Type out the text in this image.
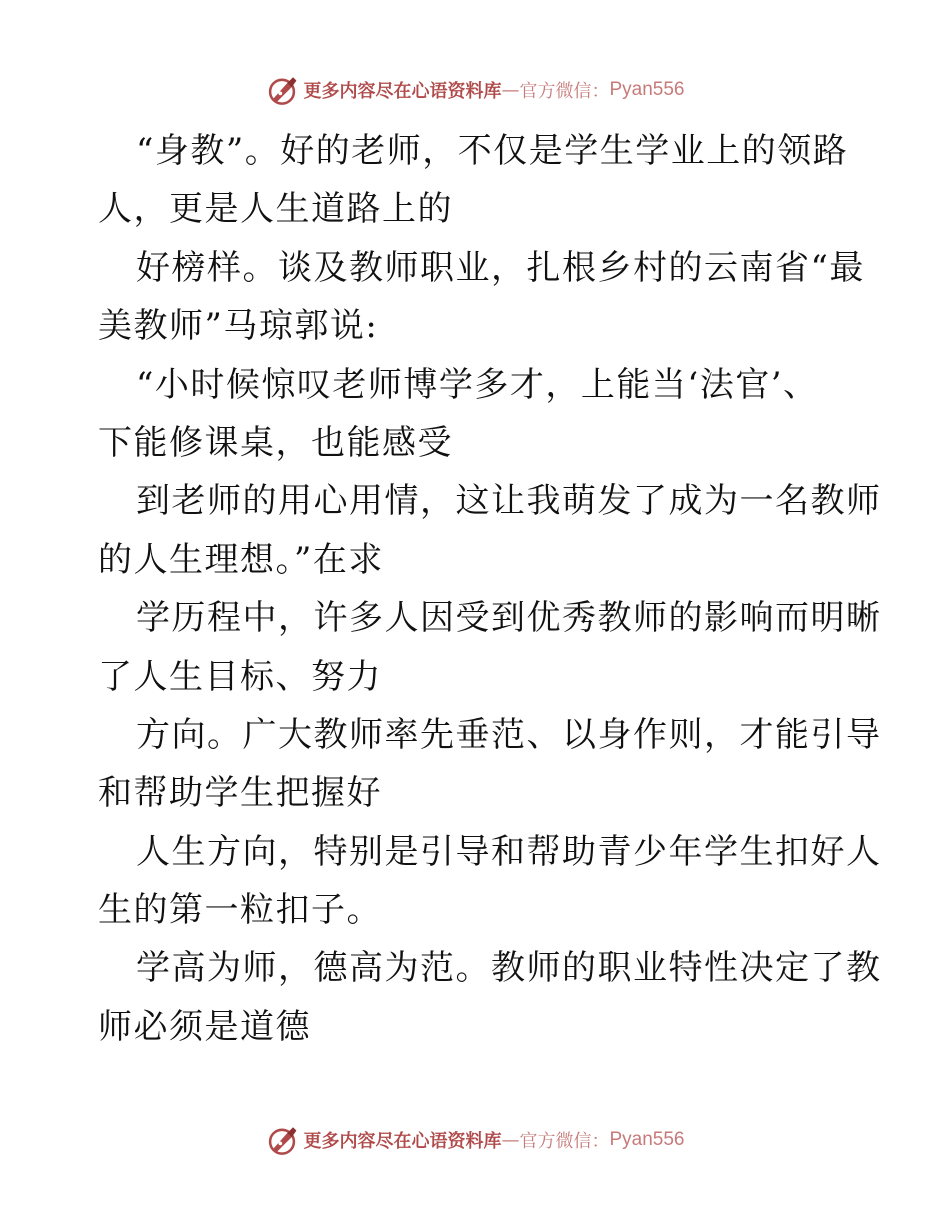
更多内容尽在心语资料库 — 官方微信： Pyan556
“身教”。好的老师，不仅是学生学业上的领路
人，更是人生道路上的
好榜样。谈及教师职业，扎根乡村的云南省“最
美教师”马琼郭说:
“小时候惊叹老师博学多才，上能当‘法官’、
下能修课桌，也能感受
到老师的用心用情，这让我萌发了成为一名教师
的人生理想。”在求
学历程中，许多人因受到优秀教师的影响而明晰
了人生目标、努力
方向。广大教师率先垂范、以身作则，才能引导
和帮助学生把握好
人生方向，特别是引导和帮助青少年学生扣好人
生的第一粒扣子。
学高为师，德高为范。教师的职业特性决定了教
师必须是道德
更多内容尽在心语资料库 — 官方微信： Pyan556
